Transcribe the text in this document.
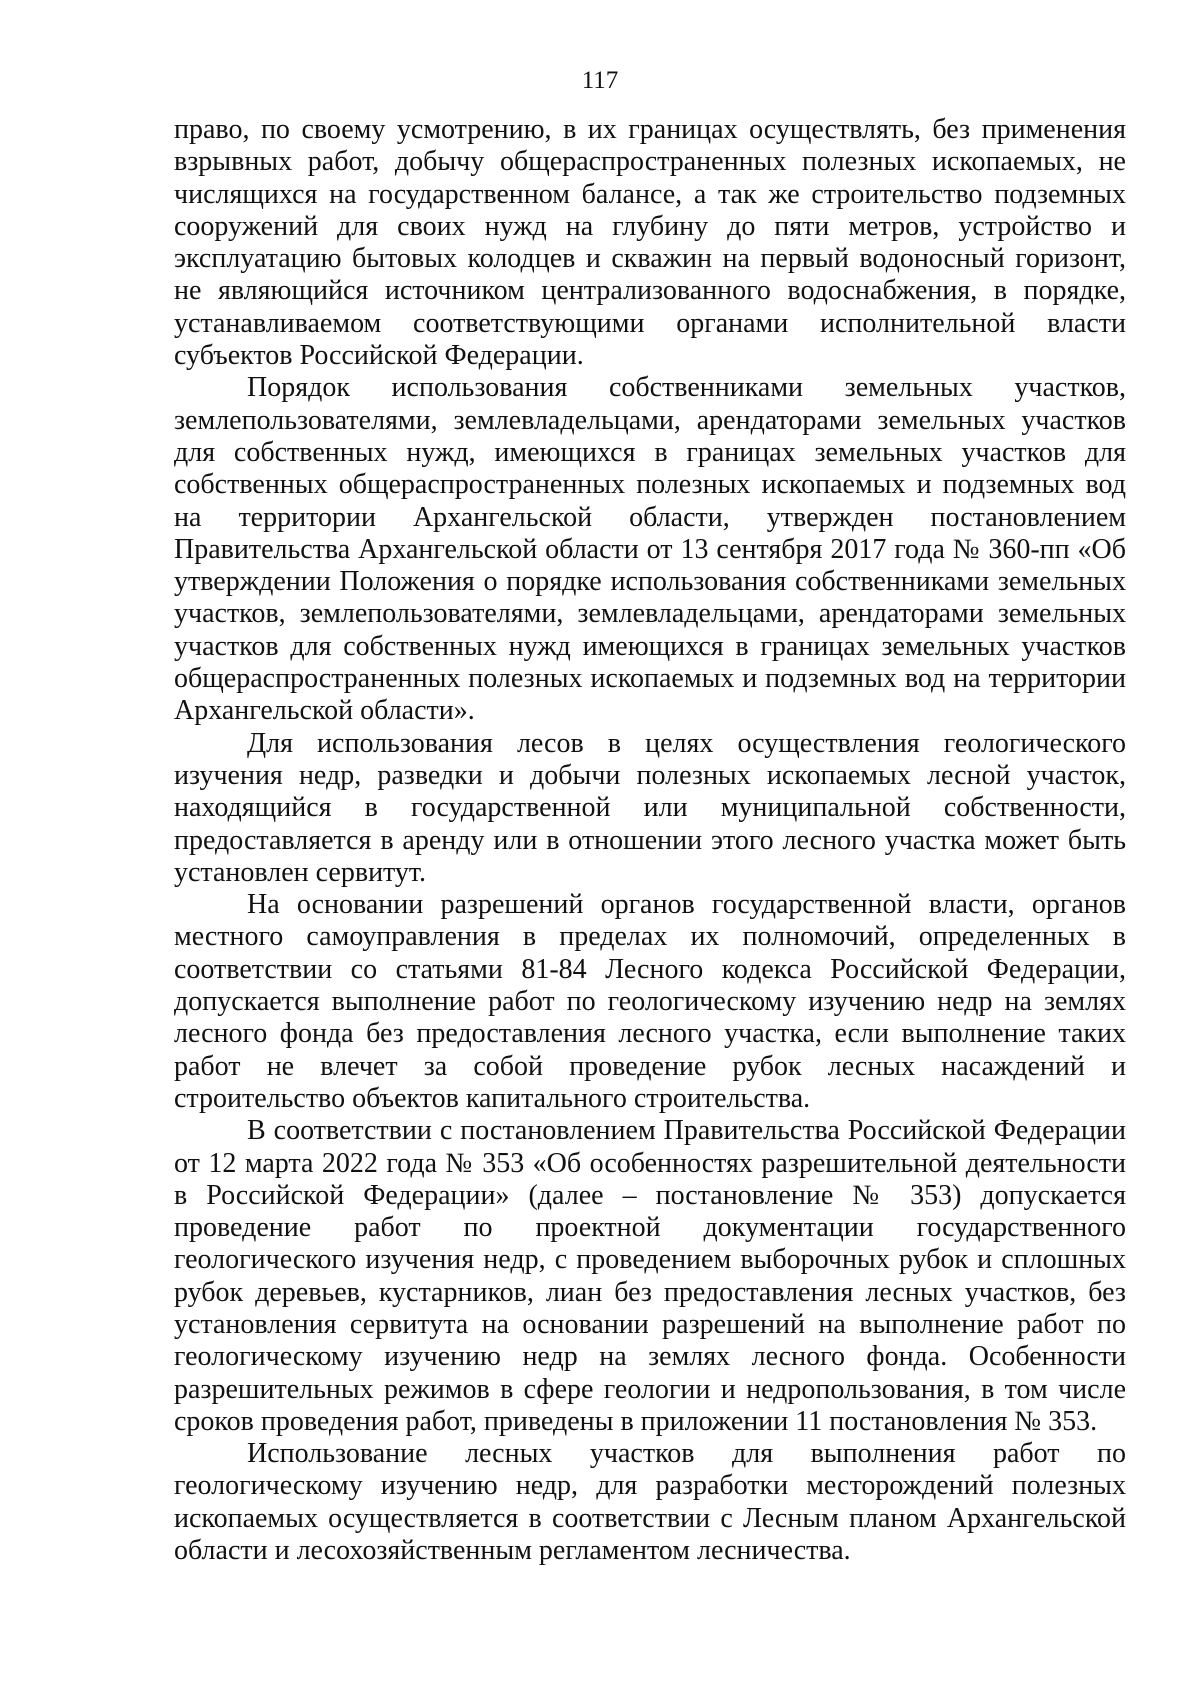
117

право, по своему усмотрению, в их границах осуществлять, без применения взрывных работ, добычу общераспространенных полезных ископаемых, не числящихся на государственном балансе, а так же строительство подземных сооружений для своих нужд на глубину до пяти метров, устройство и эксплуатацию бытовых колодцев и скважин на первый водоносный горизонт, не являющийся источником централизованного водоснабжения, в порядке, устанавливаемом соответствующими органами исполнительной власти субъектов Российской Федерации.

Порядок использования собственниками земельных участков, землепользователями, землевладельцами, арендаторами земельных участков для собственных нужд, имеющихся в границах земельных участков для собственных общераспространенных полезных ископаемых и подземных вод на территории Архангельской области, утвержден постановлением Правительства Архангельской области от 13 сентября 2017 года № 360-пп «Об утверждении Положения о порядке использования собственниками земельных участков, землепользователями, землевладельцами, арендаторами земельных участков для собственных нужд имеющихся в границах земельных участков общераспространенных полезных ископаемых и подземных вод на территории Архангельской области».

Для использования лесов в целях осуществления геологического изучения недр, разведки и добычи полезных ископаемых лесной участок, находящийся в государственной или муниципальной собственности, предоставляется в аренду или в отношении этого лесного участка может быть установлен сервитут.

На основании разрешений органов государственной власти, органов местного самоуправления в пределах их полномочий, определенных в соответствии со статьями 81-84 Лесного кодекса Российской Федерации, допускается выполнение работ по геологическому изучению недр на землях лесного фонда без предоставления лесного участка, если выполнение таких работ не влечет за собой проведение рубок лесных насаждений и строительство объектов капитального строительства.

В соответствии с постановлением Правительства Российской Федерации от 12 марта 2022 года № 353 «Об особенностях разрешительной деятельности в Российской Федерации» (далее – постановление № 353) допускается проведение работ по проектной документации государственного геологического изучения недр, с проведением выборочных рубок и сплошных рубок деревьев, кустарников, лиан без предоставления лесных участков, без установления сервитута на основании разрешений на выполнение работ по геологическому изучению недр на землях лесного фонда. Особенности разрешительных режимов в сфере геологии и недропользования, в том числе сроков проведения работ, приведены в приложении 11 постановления № 353.

Использование лесных участков для выполнения работ по геологическому изучению недр, для разработки месторождений полезных ископаемых осуществляется в соответствии с Лесным планом Архангельской области и лесохозяйственным регламентом лесничества.
